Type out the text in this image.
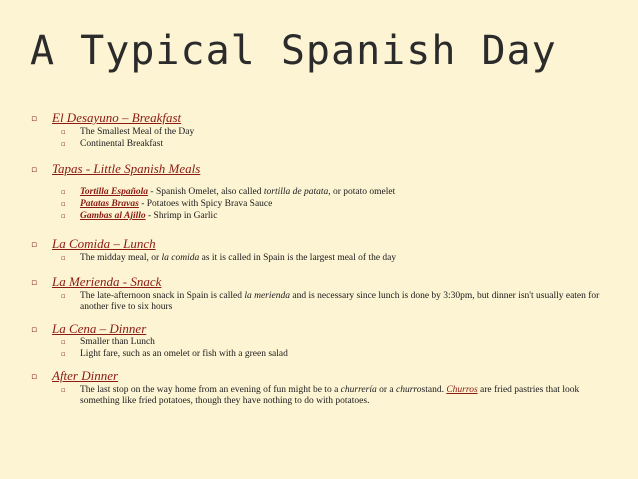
A Typical Spanish Day
▫ El Desayuno – Breakfast
▫ The Smallest Meal of the Day
▫ Continental Breakfast
▫ Tapas - Little Spanish Meals
▫ Tortilla Española - Spanish Omelet, also called tortilla de patata, or potato omelet
▫ Patatas Bravas - Potatoes with Spicy Brava Sauce
▫ Gambas al Ajillo - Shrimp in Garlic
▫ La Comida – Lunch
▫ The midday meal, or la comida as it is called in Spain is the largest meal of the day
▫ La Merienda - Snack
▫ The late-afternoon snack in Spain is called la merienda and is necessary since lunch is done by 3:30pm, but dinner isn't usually eaten for another five to six hours
▫ La Cena – Dinner
▫ Smaller than Lunch
▫ Light fare, such as an omelet or fish with a green salad
▫ After Dinner
▫ The last stop on the way home from an evening of fun might be to a churrería or a churrostand. Churros are fried pastries that look something like fried potatoes, though they have nothing to do with potatoes.
